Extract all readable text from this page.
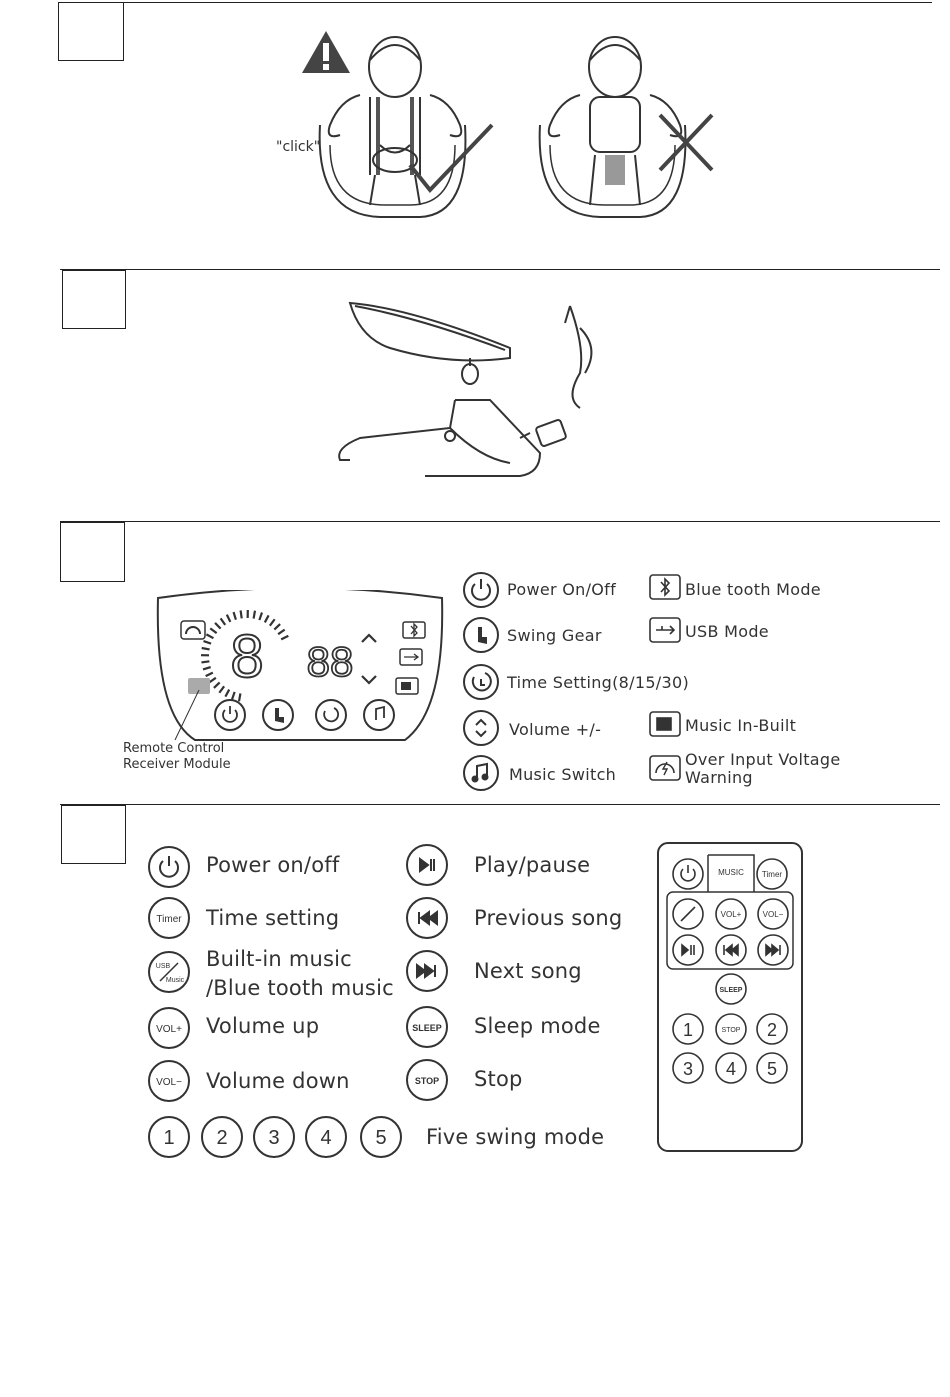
"click"
8 88
Remote Control
Receiver Module
Power On/Off
Swing Gear
Time Setting(8/15/30)
Volume +/-
Music Switch
Blue tooth Mode
USB Mode
Music In-Built
Over Input Voltage
Warning
Timer
USB
Music
VOL+
VOL−
Power on/off
Time setting
Built-in music
/Blue tooth music
Volume up
Volume down
SLEEP
STOP
Play/pause
Previous song
Next song
Sleep mode
Stop
1 2 3 4 5 Five swing mode
MUSIC Timer
VOL+	VOL−
SLEEP
STOP
1	2
3 4 5
